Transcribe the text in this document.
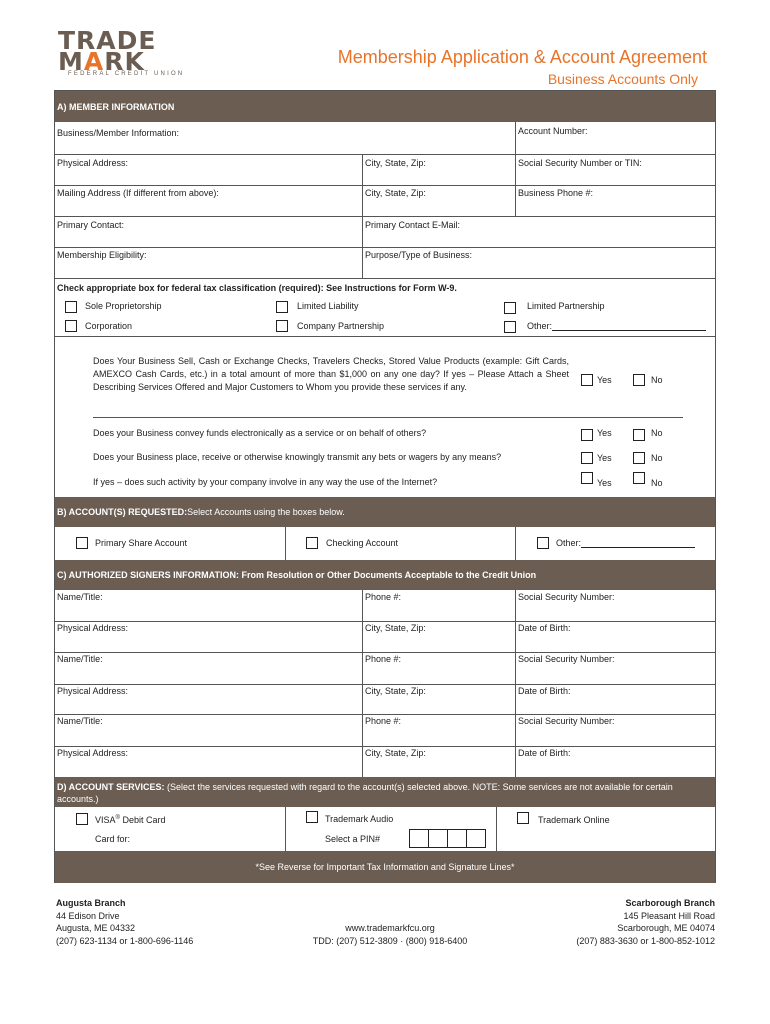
TRADE
MARK
FEDERAL CREDIT UNION
Membership Application & Account Agreement
Business Accounts Only
A) MEMBER INFORMATION
Business/Member Information:	Account Number:
Physical Address:	City, State, Zip:	Social Security Number or TIN:
Mailing Address (If different from above):	City, State, Zip:	Business Phone #:
Primary Contact:	Primary Contact E-Mail:
Membership Eligibility:	Purpose/Type of Business:
Check appropriate box for federal tax classification (required): See Instructions for Form W-9.
Sole Proprietorship	Limited Liability	Limited Partnership
Corporation	Company Partnership	Other:
Does Your Business Sell, Cash or Exchange Checks, Travelers Checks, Stored Value Products (example: Gift Cards, AMEXCO Cash Cards, etc.) in a total amount of more than $1,000 on any one day? If yes – Please Attach a Sheet Describing Services Offered and Major Customers to Whom you provide these services if any.
Yes	No
Does your Business convey funds electronically as a service or on behalf of others?	Yes	No
Does your Business place, receive or otherwise knowingly transmit any bets or wagers by any means?	Yes	No
If yes – does such activity by your company involve in any way the use of the Internet?	Yes	No
B) ACCOUNT(S) REQUESTED: Select Accounts using the boxes below.
Primary Share Account	Checking Account	Other:
C) AUTHORIZED SIGNERS INFORMATION: From Resolution or Other Documents Acceptable to the Credit Union
Name/Title:	Phone #:	Social Security Number:
Physical Address:	City, State, Zip:	Date of Birth:
Name/Title:	Phone #:	Social Security Number:
Physical Address:	City, State, Zip:	Date of Birth:
Name/Title:	Phone #:	Social Security Number:
Physical Address:	City, State, Zip:	Date of Birth:
D) ACCOUNT SERVICES: (Select the services requested with regard to the account(s) selected above. NOTE: Some services are not available for certain accounts.)
VISA® Debit Card
Card for:
Trademark Audio
Select a PIN#
Trademark Online
*See Reverse for Important Tax Information and Signature Lines*
Augusta Branch
44 Edison Drive
Augusta, ME 04332
(207) 623-1134 or 1-800-696-1146
www.trademarkfcu.org
TDD: (207) 512-3809 · (800) 918-6400
Scarborough Branch
145 Pleasant Hill Road
Scarborough, ME 04074
(207) 883-3630 or 1-800-852-1012
